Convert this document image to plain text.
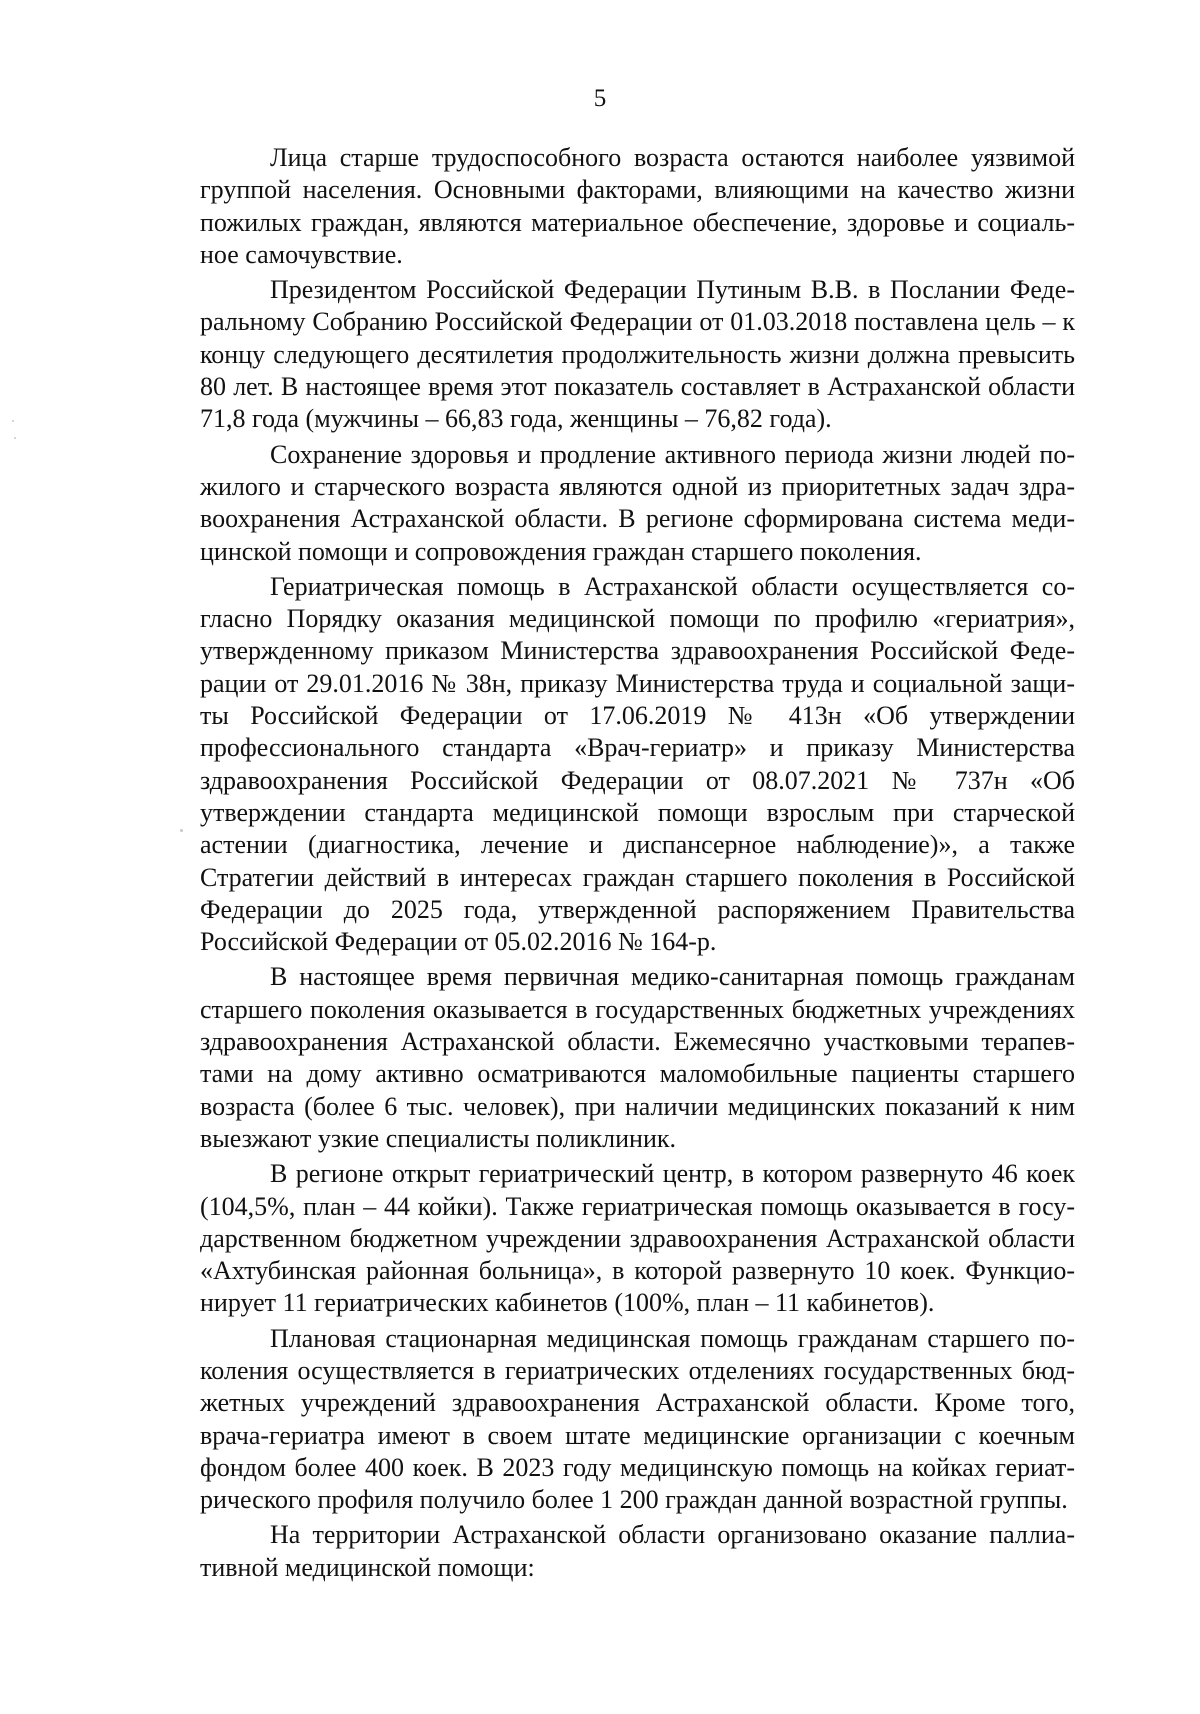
5

Лица старше трудоспособного возраста остаются наиболее уязвимой группой населения. Основными факторами, влияющими на качество жизни пожилых граждан, являются материальное обеспечение, здоровье и социальное самочувствие.

Президентом Российской Федерации Путиным В.В. в Послании Федеральному Собранию Российской Федерации от 01.03.2018 поставлена цель – к концу следующего десятилетия продолжительность жизни должна превысить 80 лет. В настоящее время этот показатель составляет в Астраханской области 71,8 года (мужчины – 66,83 года, женщины – 76,82 года).

Сохранение здоровья и продление активного периода жизни людей пожилого и старческого возраста являются одной из приоритетных задач здравоохранения Астраханской области. В регионе сформирована система медицинской помощи и сопровождения граждан старшего поколения.

Гериатрическая помощь в Астраханской области осуществляется согласно Порядку оказания медицинской помощи по профилю «гериатрия», утвержденному приказом Министерства здравоохранения Российской Федерации от 29.01.2016 № 38н, приказу Министерства труда и социальной защиты Российской Федерации от 17.06.2019 № 413н «Об утверждении профессионального стандарта «Врач-гериатр» и приказу Министерства здравоохранения Российской Федерации от 08.07.2021 № 737н «Об утверждении стандарта медицинской помощи взрослым при старческой астении (диагностика, лечение и диспансерное наблюдение)», а также Стратегии действий в интересах граждан старшего поколения в Российской Федерации до 2025 года, утвержденной распоряжением Правительства Российской Федерации от 05.02.2016 № 164-р.

В настоящее время первичная медико-санитарная помощь гражданам старшего поколения оказывается в государственных бюджетных учреждениях здравоохранения Астраханской области. Ежемесячно участковыми терапевтами на дому активно осматриваются маломобильные пациенты старшего возраста (более 6 тыс. человек), при наличии медицинских показаний к ним выезжают узкие специалисты поликлиник.

В регионе открыт гериатрический центр, в котором развернуто 46 коек (104,5%, план – 44 койки). Также гериатрическая помощь оказывается в государственном бюджетном учреждении здравоохранения Астраханской области «Ахтубинская районная больница», в которой развернуто 10 коек. Функционирует 11 гериатрических кабинетов (100%, план – 11 кабинетов).

Плановая стационарная медицинская помощь гражданам старшего поколения осуществляется в гериатрических отделениях государственных бюджетных учреждений здравоохранения Астраханской области. Кроме того, врача-гериатра имеют в своем штате медицинские организации с коечным фондом более 400 коек. В 2023 году медицинскую помощь на койках гериатрического профиля получило более 1 200 граждан данной возрастной группы.

На территории Астраханской области организовано оказание паллиативной медицинской помощи:
